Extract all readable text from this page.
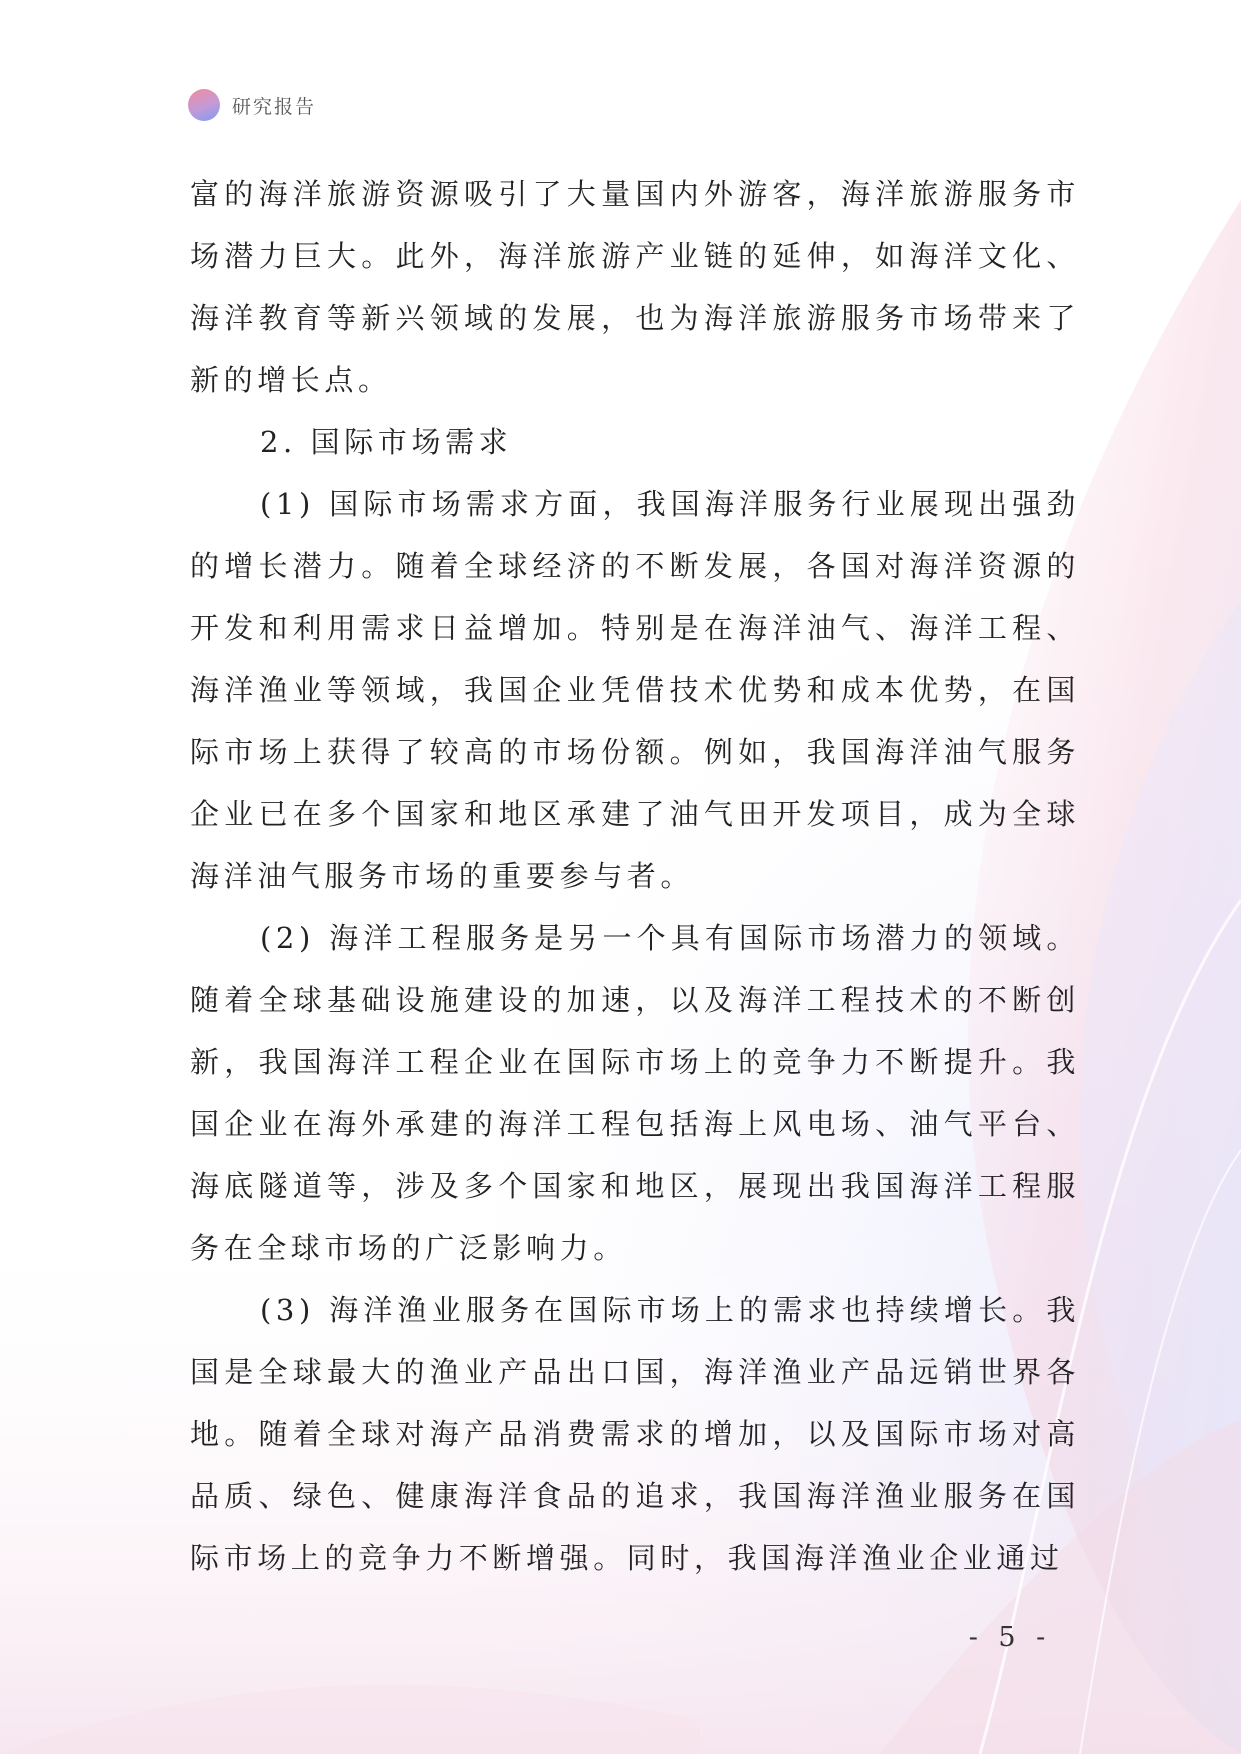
研究报告

富的海洋旅游资源吸引了大量国内外游客，海洋旅游服务市场潜力巨大。此外，海洋旅游产业链的延伸，如海洋文化、海洋教育等新兴领域的发展，也为海洋旅游服务市场带来了新的增长点。

2. 国际市场需求

(1) 国际市场需求方面，我国海洋服务行业展现出强劲的增长潜力。随着全球经济的不断发展，各国对海洋资源的开发和利用需求日益增加。特别是在海洋油气、海洋工程、海洋渔业等领域，我国企业凭借技术优势和成本优势，在国际市场上获得了较高的市场份额。例如，我国海洋油气服务企业已在多个国家和地区承建了油气田开发项目，成为全球海洋油气服务市场的重要参与者。

(2) 海洋工程服务是另一个具有国际市场潜力的领域。随着全球基础设施建设的加速，以及海洋工程技术的不断创新，我国海洋工程企业在国际市场上的竞争力不断提升。我国企业在海外承建的海洋工程包括海上风电场、油气平台、海底隧道等，涉及多个国家和地区，展现出我国海洋工程服务在全球市场的广泛影响力。

(3) 海洋渔业服务在国际市场上的需求也持续增长。我国是全球最大的渔业产品出口国，海洋渔业产品远销世界各地。随着全球对海产品消费需求的增加，以及国际市场对高品质、绿色、健康海洋食品的追求，我国海洋渔业服务在国际市场上的竞争力不断增强。同时，我国海洋渔业企业通过

- 5 -
